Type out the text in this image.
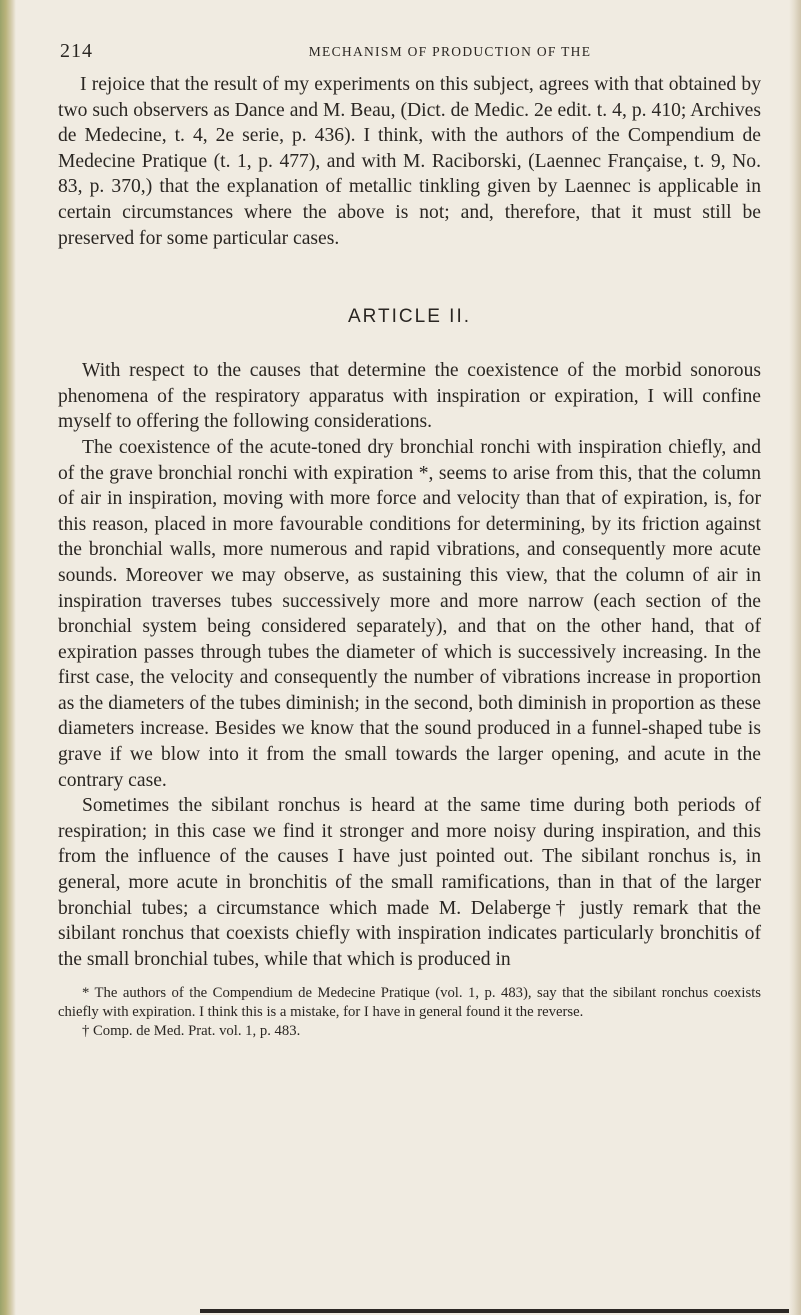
214	MECHANISM OF PRODUCTION OF THE

I rejoice that the result of my experiments on this subject, agrees with that obtained by two such observers as Dance and M. Beau, (Dict. de Medic. 2e edit. t. 4, p. 410; Archives de Medecine, t. 4, 2e serie, p. 436). I think, with the authors of the Compendium de Medecine Pratique (t. 1, p. 477), and with M. Raciborski, (Laennec Française, t. 9, No. 83, p. 370,) that the explanation of metallic tinkling given by Laennec is applicable in certain circumstances where the above is not; and, therefore, that it must still be preserved for some particular cases.

ARTICLE II.

With respect to the causes that determine the coexistence of the morbid sonorous phenomena of the respiratory apparatus with inspiration or expiration, I will confine myself to offering the following considerations.

The coexistence of the acute-toned dry bronchial ronchi with inspiration chiefly, and of the grave bronchial ronchi with expiration *, seems to arise from this, that the column of air in inspiration, moving with more force and velocity than that of expiration, is, for this reason, placed in more favourable conditions for determining, by its friction against the bronchial walls, more numerous and rapid vibrations, and consequently more acute sounds. Moreover we may observe, as sustaining this view, that the column of air in inspiration traverses tubes successively more and more narrow (each section of the bronchial system being considered separately), and that on the other hand, that of expiration passes through tubes the diameter of which is successively increasing. In the first case, the velocity and consequently the number of vibrations increase in proportion as the diameters of the tubes diminish; in the second, both diminish in proportion as these diameters increase. Besides we know that the sound produced in a funnel-shaped tube is grave if we blow into it from the small towards the larger opening, and acute in the contrary case.

Sometimes the sibilant ronchus is heard at the same time during both periods of respiration; in this case we find it stronger and more noisy during inspiration, and this from the influence of the causes I have just pointed out. The sibilant ronchus is, in general, more acute in bronchitis of the small ramifications, than in that of the larger bronchial tubes; a circumstance which made M. Delaberge† justly remark that the sibilant ronchus that coexists chiefly with inspiration indicates particularly bronchitis of the small bronchial tubes, while that which is produced in

* The authors of the Compendium de Medecine Pratique (vol. 1, p. 483), say that the sibilant ronchus coexists chiefly with expiration. I think this is a mistake, for I have in general found it the reverse.

† Comp. de Med. Prat. vol. 1, p. 483.
